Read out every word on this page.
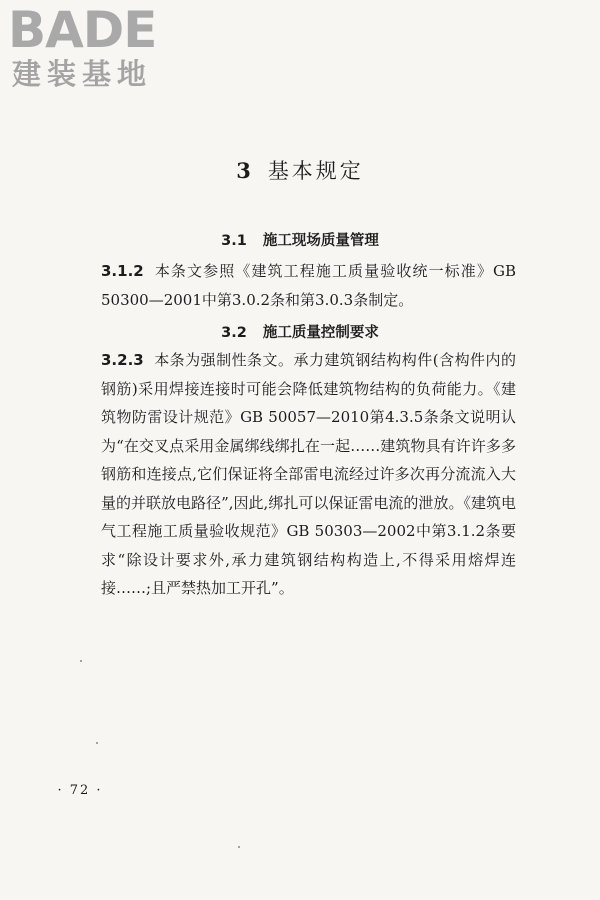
BADE
建装基地
3 基本规定
3.1 施工现场质量管理
3.1.2 本条文参照《建筑工程施工质量验收统一标准》GB 50300—2001中第3.0.2条和第3.0.3条制定。
3.2 施工质量控制要求
3.2.3 本条为强制性条文。承力建筑钢结构构件(含构件内的钢筋)采用焊接连接时可能会降低建筑物结构的负荷能力。《建筑物防雷设计规范》GB 50057—2010第4.3.5条条文说明认为“在交叉点采用金属绑线绑扎在一起……建筑物具有许许多多钢筋和连接点,它们保证将全部雷电流经过许多次再分流流入大量的并联放电路径”,因此,绑扎可以保证雷电流的泄放。《建筑电气工程施工质量验收规范》GB 50303—2002中第3.1.2条要求“除设计要求外,承力建筑钢结构构造上,不得采用熔焊连接……;且严禁热加工开孔”。
· 72 ·
